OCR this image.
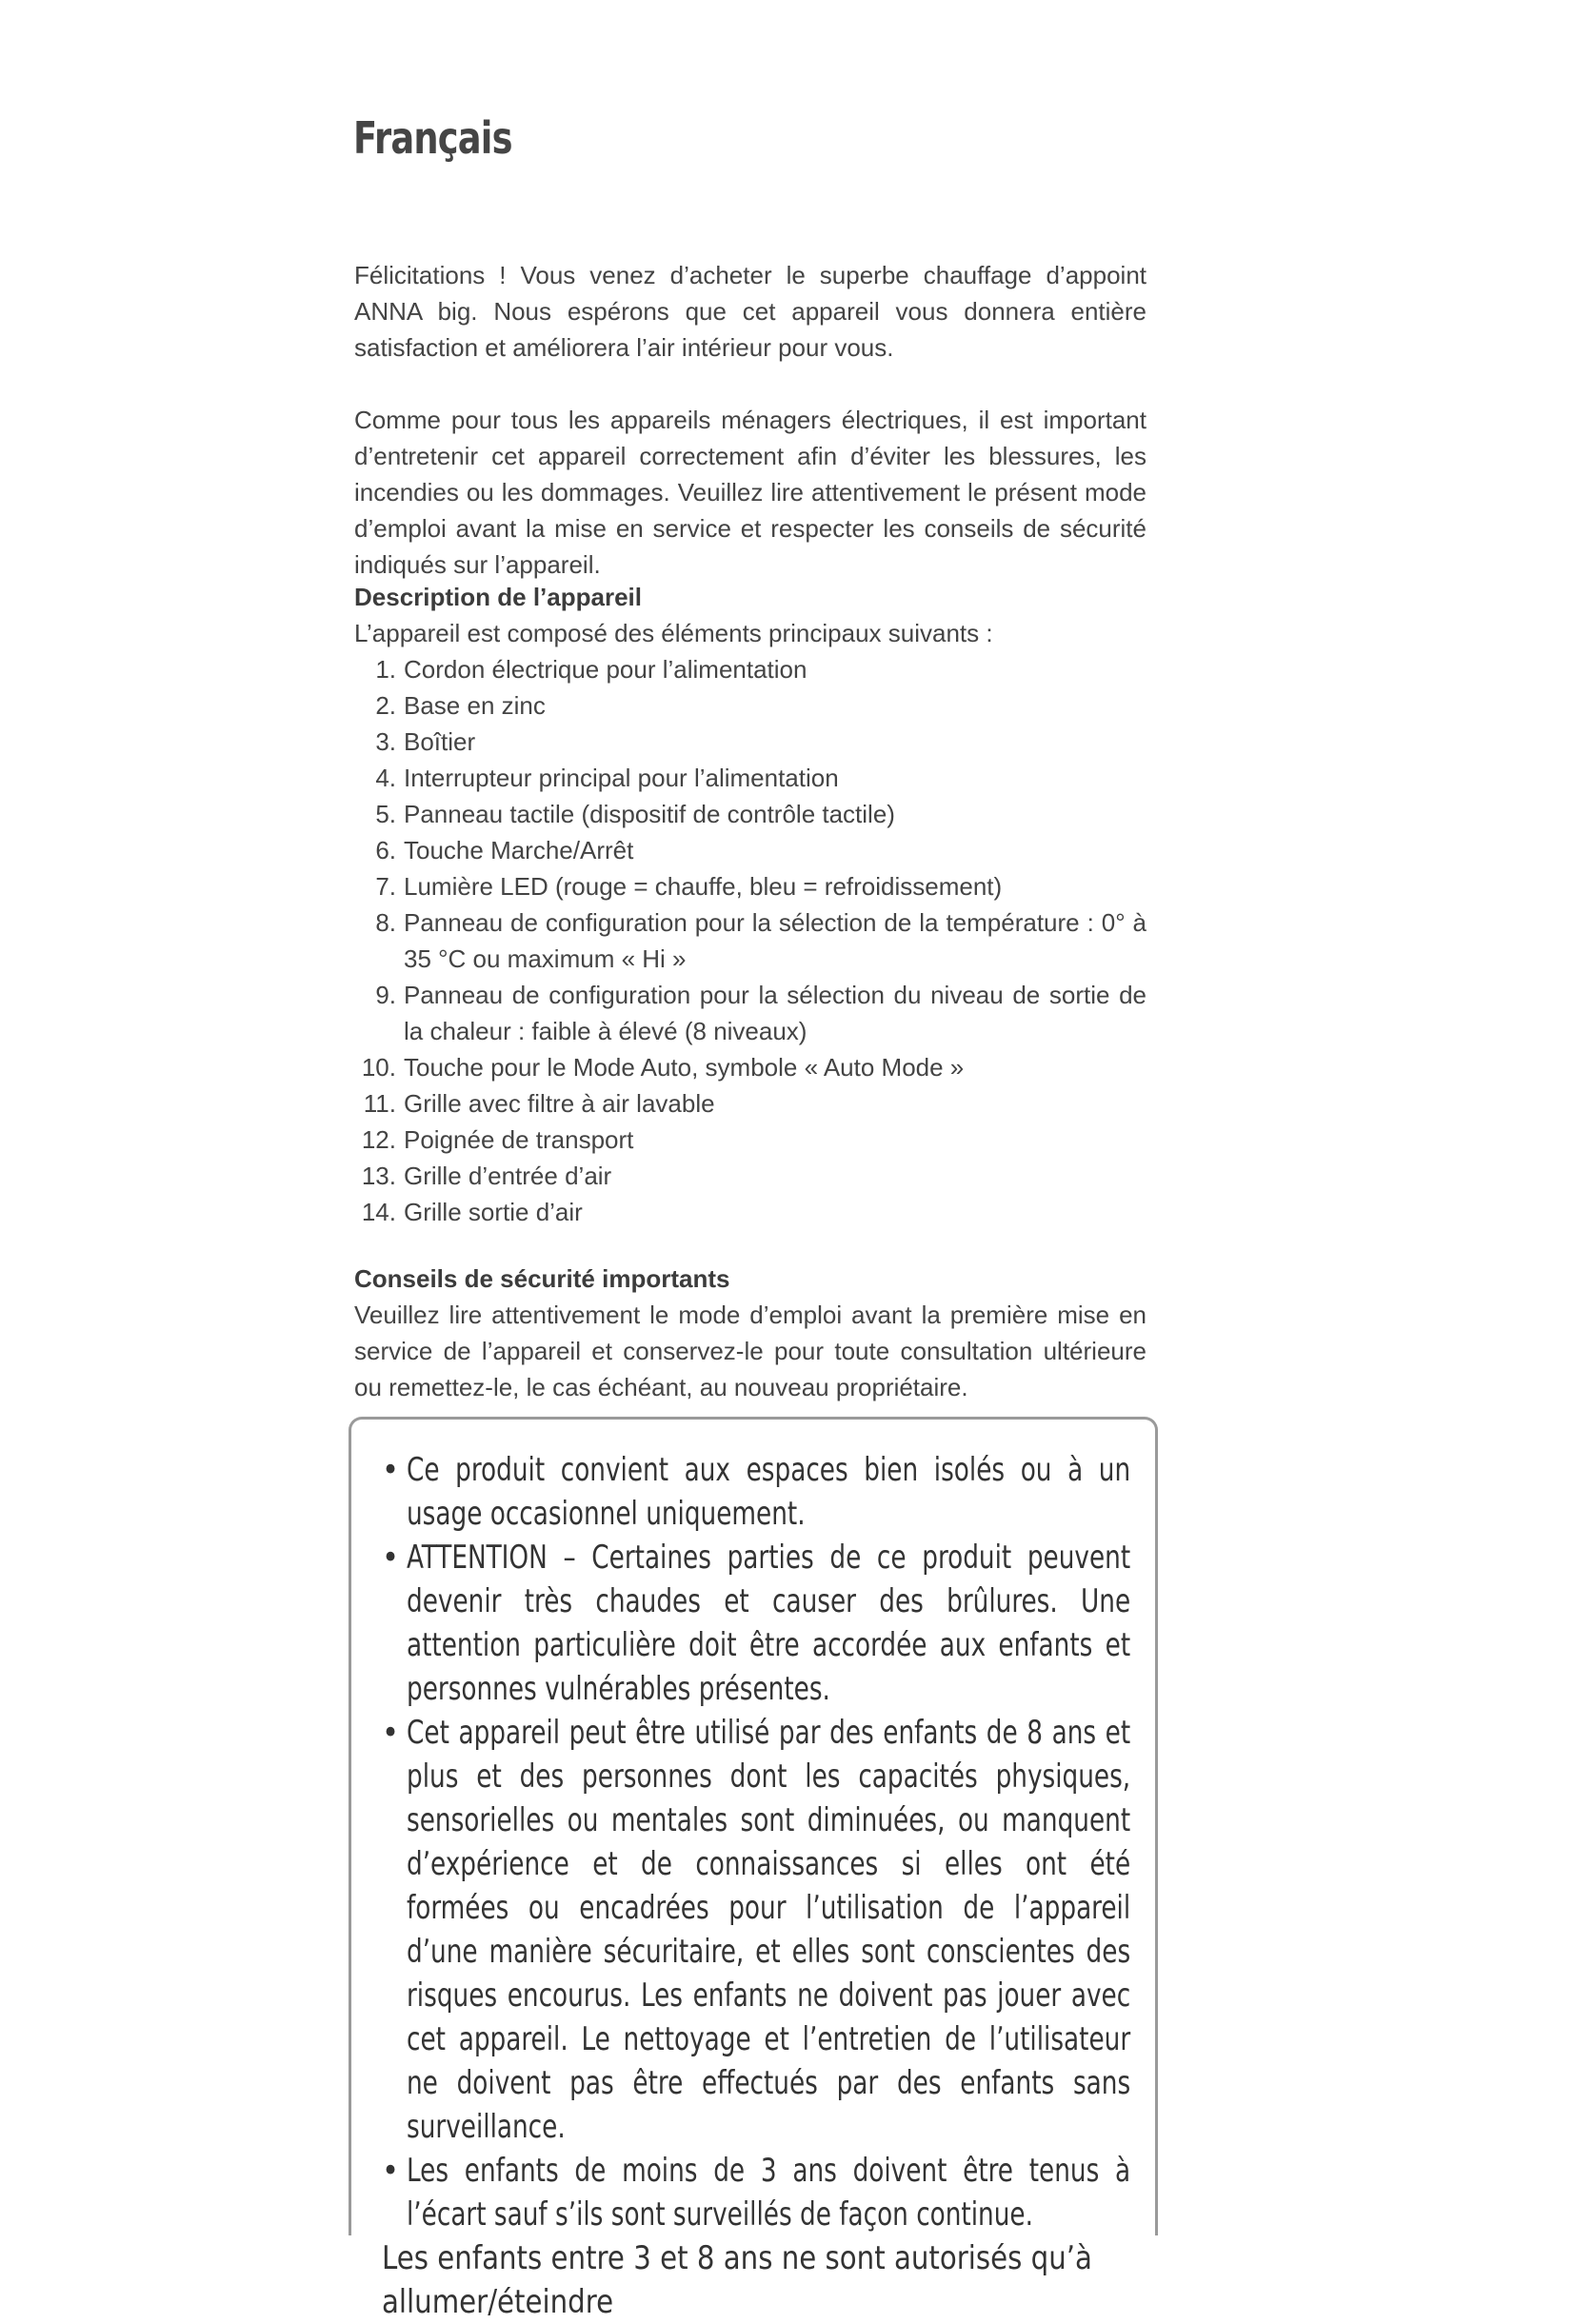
Français

Félicitations ! Vous venez d’acheter le superbe chauffage d’appoint ANNA big. Nous espérons que cet appareil vous donnera entière satisfaction et améliorera l’air intérieur pour vous.

Comme pour tous les appareils ménagers électriques, il est important d’entretenir cet appareil correctement afin d’éviter les blessures, les incendies ou les dommages. Veuillez lire attentivement le présent mode d’emploi avant la mise en service et respecter les conseils de sécurité indiqués sur l’appareil.

Description de l’appareil

L’appareil est composé des éléments principaux suivants :

1. Cordon électrique pour l’alimentation
2. Base en zinc
3. Boîtier
4. Interrupteur principal pour l’alimentation
5. Panneau tactile (dispositif de contrôle tactile)
6. Touche Marche/Arrêt
7. Lumière LED (rouge = chauffe, bleu = refroidissement)
8. Panneau de configuration pour la sélection de la température : 0° à 35 °C ou maximum « Hi »
9. Panneau de configuration pour la sélection du niveau de sortie de la chaleur : faible à élevé (8 niveaux)
10. Touche pour le Mode Auto, symbole « Auto Mode »
11. Grille avec filtre à air lavable
12. Poignée de transport
13. Grille d’entrée d’air
14. Grille sortie d’air
Conseils de sécurité importants

Veuillez lire attentivement le mode d’emploi avant la première mise en service de l’appareil et conservez-le pour toute consultation ultérieure ou remettez-le, le cas échéant, au nouveau propriétaire.

• Ce produit convient aux espaces bien isolés ou à un usage occasionnel uniquement.
• ATTENTION – Certaines parties de ce produit peuvent devenir très chaudes et causer des brûlures. Une attention particulière doit être accordée aux enfants et personnes vulnérables présentes.
• Cet appareil peut être utilisé par des enfants de 8 ans et plus et des personnes dont les capacités physiques, sensorielles ou mentales sont diminuées, ou manquent d’expérience et de connaissances si elles ont été formées ou encadrées pour l’utilisation de l’appareil d’une manière sécuritaire, et elles sont conscientes des risques encourus. Les enfants ne doivent pas jouer avec cet appareil. Le nettoyage et l’entretien de l’utilisateur ne doivent pas être effectués par des enfants sans surveillance.
• Les enfants de moins de 3 ans doivent être tenus à l’écart sauf s’ils sont surveillés de façon continue.

Les enfants entre 3 et 8 ans ne sont autorisés qu’à allumer/éteindre
